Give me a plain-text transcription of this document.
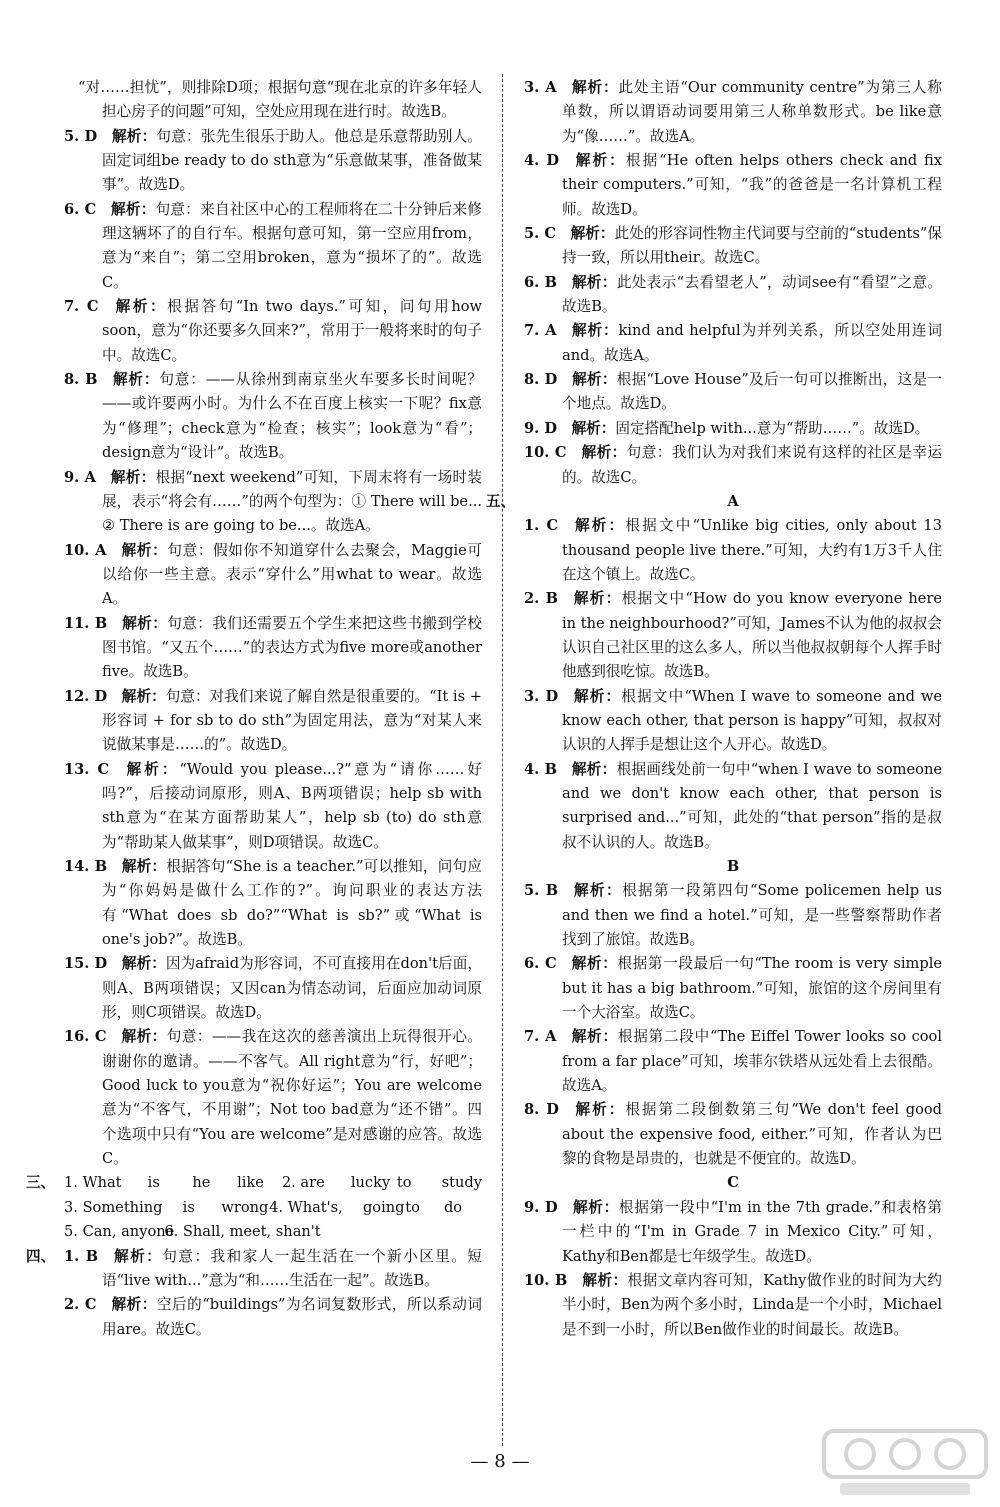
“对……担忧”，则排除D项；根据句意“现在北京的许多年轻人担心房子的问题”可知，空处应用现在进行时。故选B。

5. D  解析：句意：张先生很乐于助人。他总是乐意帮助别人。固定词组be ready to do sth意为“乐意做某事，准备做某事”。故选D。

6. C  解析：句意：来自社区中心的工程师将在二十分钟后来修理这辆坏了的自行车。根据句意可知，第一空应用from，意为“来自”；第二空用broken，意为“损坏了的”。故选C。

7. C  解析：根据答句“In two days.”可知，问句用how soon，意为“你还要多久回来?”，常用于一般将来时的句子中。故选C。

8. B  解析：句意：——从徐州到南京坐火车要多长时间呢？——或许要两小时。为什么不在百度上核实一下呢？fix意为“修理”；check意为“检查；核实”；look意为“看”；design意为“设计”。故选B。

9. A  解析：根据“next weekend”可知，下周末将有一场时装展，表示“将会有……”的两个句型为：① There will be... ② There is are going to be...。故选A。

10. A  解析：句意：假如你不知道穿什么去聚会，Maggie可以给你一些主意。表示“穿什么”用what to wear。故选A。

11. B  解析：句意：我们还需要五个学生来把这些书搬到学校图书馆。“又五个……”的表达方式为five more或another five。故选B。

12. D  解析：句意：对我们来说了解自然是很重要的。“It is + 形容词 + for sb to do sth”为固定用法，意为“对某人来说做某事是……的”。故选D。

13. C  解析：“Would you please...?”意为“请你……好吗?”，后接动词原形，则A、B两项错误；help sb with sth意为“在某方面帮助某人”，help sb (to) do sth意为“帮助某人做某事”，则D项错误。故选C。

14. B  解析：根据答句“She is a teacher.”可以推知，问句应为“你妈妈是做什么工作的?”。询问职业的表达方法有“What does sb do?”“What is sb?”或“What is one's job?”。故选B。

15. D  解析：因为afraid为形容词，不可直接用在don't后面，则A、B两项错误；又因can为情态动词，后面应加动词原形，则C项错误。故选D。

16. C  解析：句意：——我在这次的慈善演出上玩得很开心。谢谢你的邀请。——不客气。All right意为“行，好吧”；Good luck to you意为“祝你好运”；You are welcome意为“不客气，不用谢”；Not too bad意为“还不错”。四个选项中只有“You are welcome”是对感谢的应答。故选C。

三、 1. What	is	he	like	2. are	lucky to	study
3. Something	is	wrong 4. What's,	going to	do
5. Can, anyone
6. Shall, meet, shan't

四、 1. B  解析：句意：我和家人一起生活在一个新小区里。短语“live with...”意为“和……生活在一起”。故选B。

2. C  解析：空后的“buildings”为名词复数形式，所以系动词用are。故选C。

3. A  解析：此处主语“Our community centre”为第三人称单数，所以谓语动词要用第三人称单数形式。be like意为“像……”。故选A。

4. D  解析：根据“He often helps others check and fix their computers.”可知，“我”的爸爸是一名计算机工程师。故选D。

5. C  解析：此处的形容词性物主代词要与空前的“students”保持一致，所以用their。故选C。

6. B  解析：此处表示“去看望老人”，动词see有“看望”之意。故选B。

7. A  解析：kind and helpful为并列关系，所以空处用连词and。故选A。

8. D  解析：根据“Love House”及后一句可以推断出，这是一个地点。故选D。

9. D  解析：固定搭配help with...意为“帮助……”。故选D。

10. C  解析：句意：我们认为对我们来说有这样的社区是幸运的。故选C。

五、	A

1. C  解析：根据文中“Unlike big cities, only about 13 thousand people live there.”可知，大约有1万3千人住在这个镇上。故选C。

2. B  解析：根据文中“How do you know everyone here in the neighbourhood?”可知，James不认为他的叔叔会认识自己社区里的这么多人，所以当他叔叔朝每个人挥手时他感到很吃惊。故选B。

3. D  解析：根据文中“When I wave to someone and we know each other, that person is happy”可知，叔叔对认识的人挥手是想让这个人开心。故选D。

4. B  解析：根据画线处前一句中“when I wave to someone and we don't know each other, that person is surprised and...”可知，此处的“that person”指的是叔叔不认识的人。故选B。

B

5. B  解析：根据第一段第四句“Some policemen help us and then we find a hotel.”可知，是一些警察帮助作者找到了旅馆。故选B。

6. C  解析：根据第一段最后一句“The room is very simple but it has a big bathroom.”可知，旅馆的这个房间里有一个大浴室。故选C。

7. A  解析：根据第二段中“The Eiffel Tower looks so cool from a far place”可知，埃菲尔铁塔从远处看上去很酷。故选A。

8. D  解析：根据第二段倒数第三句“We don't feel good about the expensive food, either.”可知，作者认为巴黎的食物是昂贵的，也就是不便宜的。故选D。

C

9. D  解析：根据第一段中“I'm in the 7th grade.”和表格第一栏中的“I'm in Grade 7 in Mexico City.”可知，Kathy和Ben都是七年级学生。故选D。

10. B  解析：根据文章内容可知，Kathy做作业的时间为大约半小时，Ben为两个多小时，Linda是一个小时，Michael是不到一小时，所以Ben做作业的时间最长。故选B。

— 8 —
